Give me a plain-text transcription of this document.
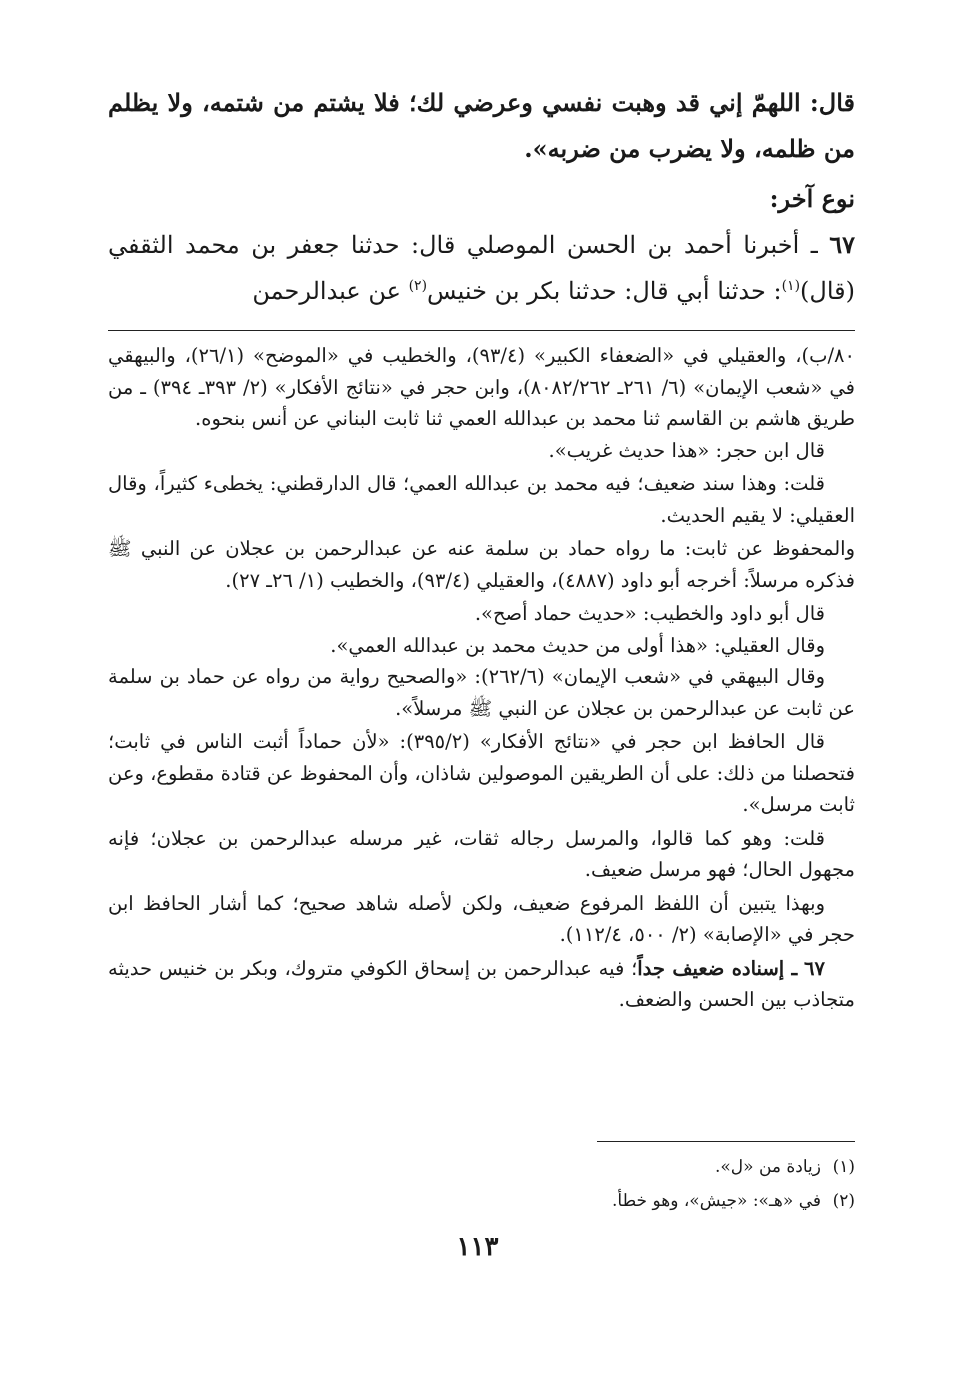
قال: اللهمّ إني قد وهبت نفسي وعرضي لك؛ فلا يشتم من شتمه، ولا يظلم من ظلمه، ولا يضرب من ضربه».

نوع آخر:

٦٧ ـ أخبرنا أحمد بن الحسن الموصلي قال: حدثنا جعفر بن محمد الثقفي (قال)$^{(١)}$: حدثنا أبي قال: حدثنا بكر بن خنيس$^{(٢)}$ عن عبدالرحمن

٨٠/ب)، والعقيلي في «الضعفاء الكبير» (٩٣/٤)، والخطيب في «الموضح» (٢٦/١)، والبيهقي في «شعب الإيمان» (٦/ ٢٦١ـ ٨٠٨٢/٢٦٢)، وابن حجر في «نتائج الأفكار» (٢/ ٣٩٣ـ ٣٩٤) ـ من طريق هاشم بن القاسم ثنا محمد بن عبدالله العمي ثنا ثابت البناني عن أنس بنحوه.

قال ابن حجر: «هذا حديث غريب».

قلت: وهذا سند ضعيف؛ فيه محمد بن عبدالله العمي؛ قال الدارقطني: يخطىء كثيراً، وقال العقيلي: لا يقيم الحديث.

والمحفوظ عن ثابت: ما رواه حماد بن سلمة عنه عن عبدالرحمن بن عجلان عن النبي ﷺ فذكره مرسلاً: أخرجه أبو داود (٤٨٨٧)، والعقيلي (٩٣/٤)، والخطيب (١/ ٢٦ـ ٢٧).

قال أبو داود والخطيب: «حديث حماد أصح».

وقال العقيلي: «هذا أولى من حديث محمد بن عبدالله العمي».

وقال البيهقي في «شعب الإيمان» (٢٦٢/٦): «والصحيح رواية من رواه عن حماد بن سلمة عن ثابت عن عبدالرحمن بن عجلان عن النبي ﷺ مرسلاً».

قال الحافظ ابن حجر في «نتائج الأفكار» (٣٩٥/٢): «لأن حماداً أثبت الناس في ثابت؛ فتحصلنا من ذلك: على أن الطريقين الموصولين شاذان، وأن المحفوظ عن قتادة مقطوع، وعن ثابت مرسل».

قلت: وهو كما قالوا، والمرسل رجاله ثقات، غير مرسله عبدالرحمن بن عجلان؛ فإنه مجهول الحال؛ فهو مرسل ضعيف.

وبهذا يتبين أن اللفظ المرفوع ضعيف، ولكن لأصله شاهد صحيح؛ كما أشار الحافظ ابن حجر في «الإصابة» (٢/ ٥٠٠، ١١٢/٤).

٦٧ ـ إسناده ضعيف جداً؛ فيه عبدالرحمن بن إسحاق الكوفي متروك، وبكر بن خنيس حديثه متجاذب بين الحسن والضعف.

(١)زيادة من «ل».

(٢)في «هـ»: «جيش»، وهو خطأ.

١١٣
